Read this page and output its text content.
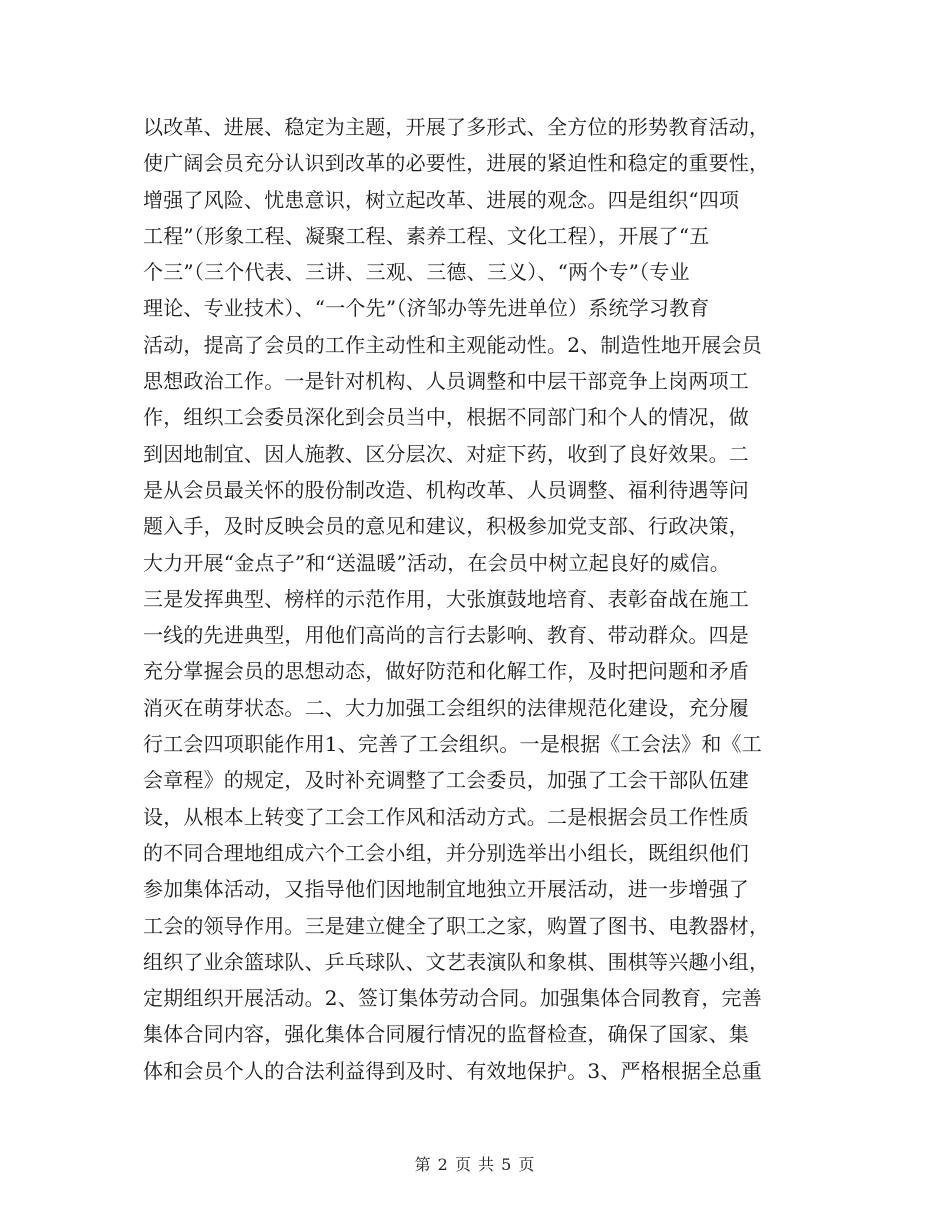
以改革、进展、稳定为主题，开展了多形式、全方位的形势教育活动，
使广阔会员充分认识到改革的必要性，进展的紧迫性和稳定的重要性，
增强了风险、忧患意识，树立起改革、进展的观念。四是组织“四项
工程”（形象工程、凝聚工程、素养工程、文化工程），开展了“五
个三”（三个代表、三讲、三观、三德、三义）、“两个专”（专业
理论、专业技术）、“一个先”（济邹办等先进单位）系统学习教育
活动，提高了会员的工作主动性和主观能动性。2、制造性地开展会员
思想政治工作。一是针对机构、人员调整和中层干部竞争上岗两项工
作，组织工会委员深化到会员当中，根据不同部门和个人的情况，做
到因地制宜、因人施教、区分层次、对症下药，收到了良好效果。二
是从会员最关怀的股份制改造、机构改革、人员调整、福利待遇等问
题入手，及时反映会员的意见和建议，积极参加党支部、行政决策，
大力开展“金点子”和“送温暖”活动，在会员中树立起良好的威信。
三是发挥典型、榜样的示范作用，大张旗鼓地培育、表彰奋战在施工
一线的先进典型，用他们高尚的言行去影响、教育、带动群众。四是
充分掌握会员的思想动态，做好防范和化解工作，及时把问题和矛盾
消灭在萌芽状态。二、大力加强工会组织的法律规范化建设，充分履
行工会四项职能作用1、完善了工会组织。一是根据《工会法》和《工
会章程》的规定，及时补充调整了工会委员，加强了工会干部队伍建
设，从根本上转变了工会工作风和活动方式。二是根据会员工作性质
的不同合理地组成六个工会小组，并分别选举出小组长，既组织他们
参加集体活动，又指导他们因地制宜地独立开展活动，进一步增强了
工会的领导作用。三是建立健全了职工之家，购置了图书、电教器材，
组织了业余篮球队、乒乓球队、文艺表演队和象棋、围棋等兴趣小组，
定期组织开展活动。2、签订集体劳动合同。加强集体合同教育，完善
集体合同内容，强化集体合同履行情况的监督检查，确保了国家、集
体和会员个人的合法利益得到及时、有效地保护。3、严格根据全总重
第 2 页 共 5 页
